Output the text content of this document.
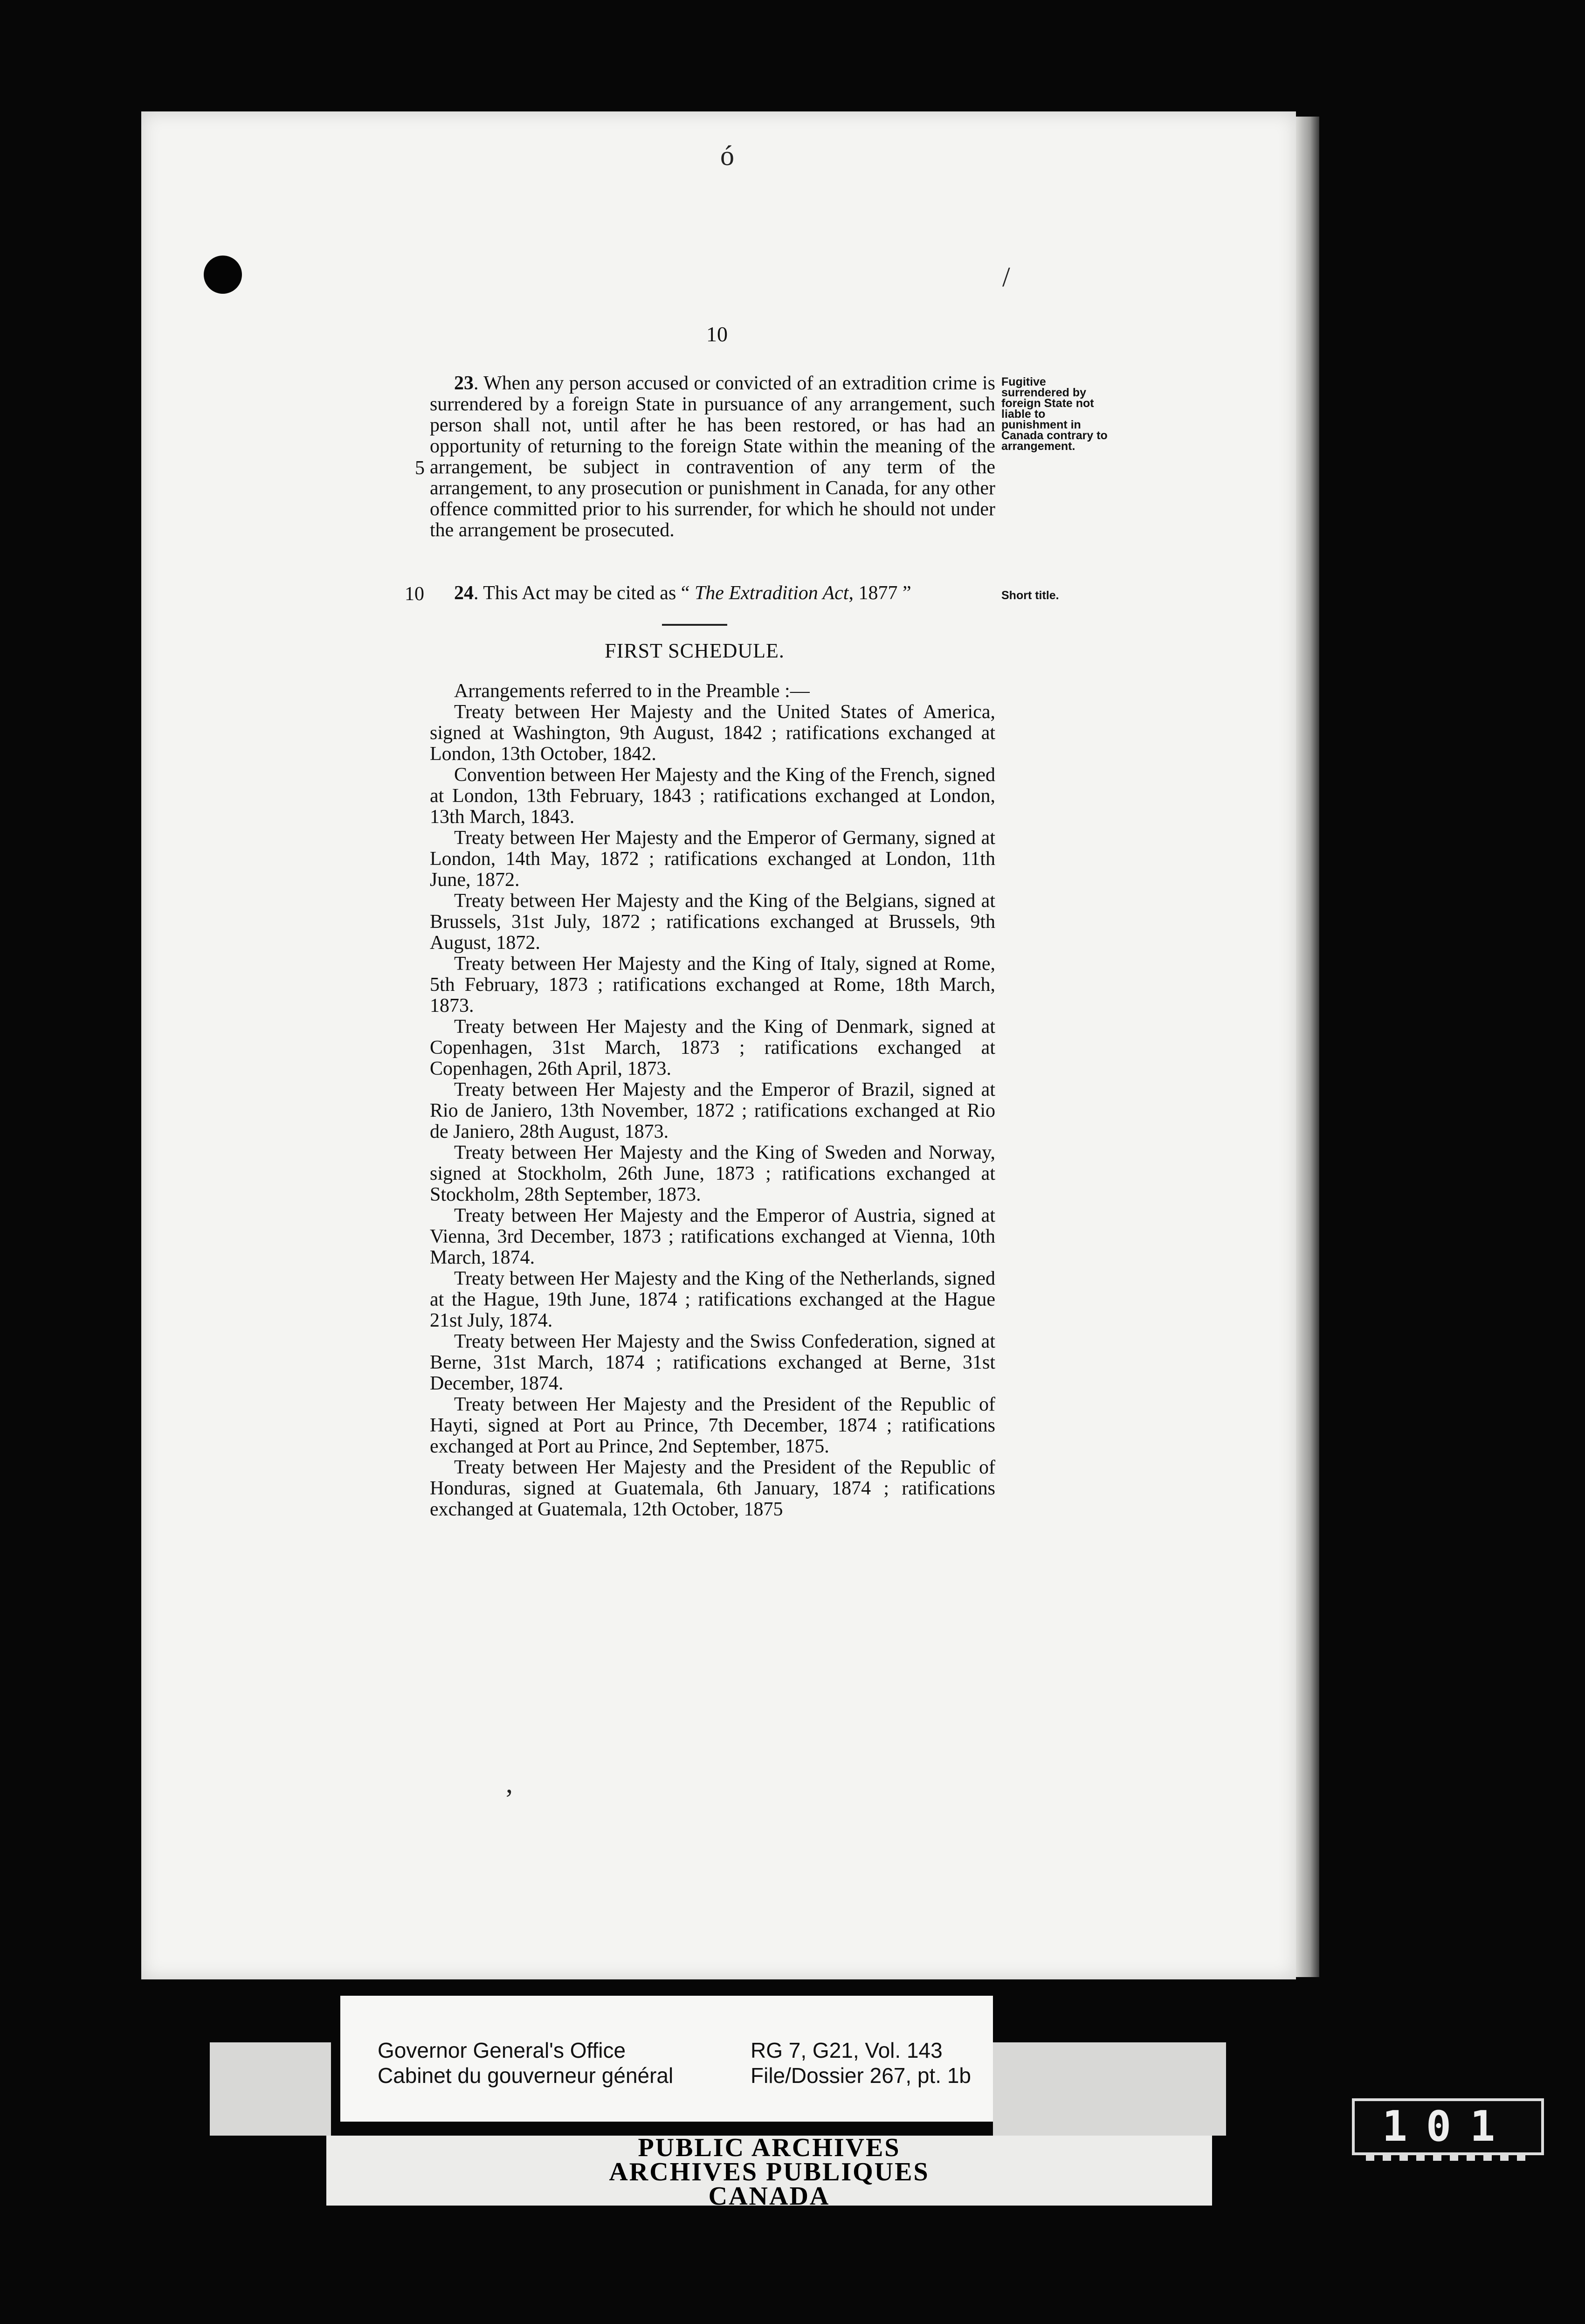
ó
/
,
10

23. When any person accused or convicted of an extradition crime is surrendered by a foreign State in pursuance of any arrangement, such person shall not, until after he has been restored, or has had an opportunity of returning to the foreign State within the meaning of the arrangement, be subject in contravention of any term of the arrangement, to any prosecution or punishment in Canada, for any other offence committed prior to his surrender, for which he should not under the arrangement be prosecuted.

5
Fugitive surrendered by foreign State not liable to punishment in Canada contrary to arrangement.

24. This Act may be cited as “ The Extradition Act, 1877 ”

10	Short title.
FIRST SCHEDULE.

Arrangements referred to in the Preamble :—

Treaty between Her Majesty and the United States of America, signed at Washington, 9th August, 1842 ; ratifications exchanged at London, 13th October, 1842.

Convention between Her Majesty and the King of the French, signed at London, 13th February, 1843 ; ratifications exchanged at London, 13th March, 1843.

Treaty between Her Majesty and the Emperor of Germany, signed at London, 14th May, 1872 ; ratifications exchanged at London, 11th June, 1872.

Treaty between Her Majesty and the King of the Belgians, signed at Brussels, 31st July, 1872 ; ratifications exchanged at Brussels, 9th August, 1872.

Treaty between Her Majesty and the King of Italy, signed at Rome, 5th February, 1873 ; ratifications exchanged at Rome, 18th March, 1873.

Treaty between Her Majesty and the King of Denmark, signed at Copenhagen, 31st March, 1873 ; ratifications exchanged at Copenhagen, 26th April, 1873.

Treaty between Her Majesty and the Emperor of Brazil, signed at Rio de Janiero, 13th November, 1872 ; ratifications exchanged at Rio de Janiero, 28th August, 1873.

Treaty between Her Majesty and the King of Sweden and Norway, signed at Stockholm, 26th June, 1873 ; ratifications exchanged at Stockholm, 28th September, 1873.

Treaty between Her Majesty and the Emperor of Austria, signed at Vienna, 3rd December, 1873 ; ratifications exchanged at Vienna, 10th March, 1874.

Treaty between Her Majesty and the King of the Netherlands, signed at the Hague, 19th June, 1874 ; ratifications exchanged at the Hague 21st July, 1874.

Treaty between Her Majesty and the Swiss Confederation, signed at Berne, 31st March, 1874 ; ratifications exchanged at Berne, 31st December, 1874.

Treaty between Her Majesty and the President of the Republic of Hayti, signed at Port au Prince, 7th December, 1874 ; ratifications exchanged at Port au Prince, 2nd September, 1875.

Treaty between Her Majesty and the President of the Republic of Honduras, signed at Guatemala, 6th January, 1874 ; ratifications exchanged at Guatemala, 12th October, 1875

Governor General's Office
Cabinet du gouverneur général
RG 7, G21, Vol. 143
File/Dossier 267, pt. 1b
PUBLIC ARCHIVES
ARCHIVES PUBLIQUES
CANADA
101
